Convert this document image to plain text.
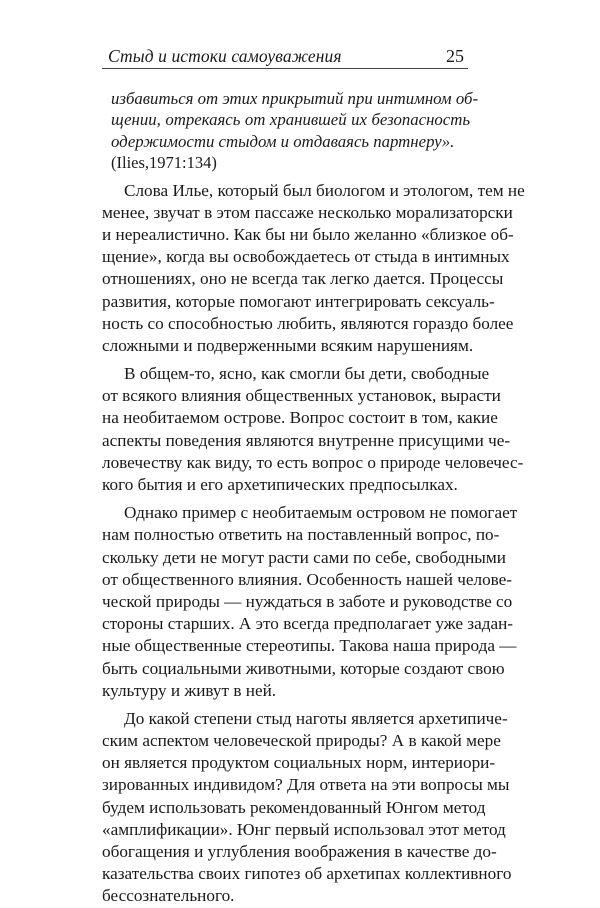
Стыд и истоки самоуважения	25
избавиться от этих прикрытий при интимном об-
щении, отрекаясь от хранившей их безопасность
одержимости стыдом и отдаваясь партнеру».
(Ilies,1971:134)
Слова Илье, который был биологом и этологом, тем не
менее, звучат в этом пассаже несколько морализаторски
и нереалистично. Как бы ни было желанно «близкое об-
щение», когда вы освобождаетесь от стыда в интимных
отношениях, оно не всегда так легко дается. Процессы
развития, которые помогают интегрировать сексуаль-
ность со способностью любить, являются гораздо более
сложными и подверженными всяким нарушениям.
В общем-то, ясно, как смогли бы дети, свободные
от всякого влияния общественных установок, вырасти
на необитаемом острове. Вопрос состоит в том, какие
аспекты поведения являются внутренне присущими че-
ловечеству как виду, то есть вопрос о природе человечес-
кого бытия и его архетипических предпосылках.
Однако пример с необитаемым островом не помогает
нам полностью ответить на поставленный вопрос, по-
скольку дети не могут расти сами по себе, свободными
от общественного влияния. Особенность нашей челове-
ческой природы — нуждаться в заботе и руководстве со
стороны старших. А это всегда предполагает уже задан-
ные общественные стереотипы. Такова наша природа —
быть социальными животными, которые создают свою
культуру и живут в ней.
До какой степени стыд наготы является архетипиче-
ским аспектом человеческой природы? А в какой мере
он является продуктом социальных норм, интериори-
зированных индивидом? Для ответа на эти вопросы мы
будем использовать рекомендованный Юнгом метод
«амплификации». Юнг первый использовал этот метод
обогащения и углубления воображения в качестве до-
казательства своих гипотез об архетипах коллективного
бессознательного.
